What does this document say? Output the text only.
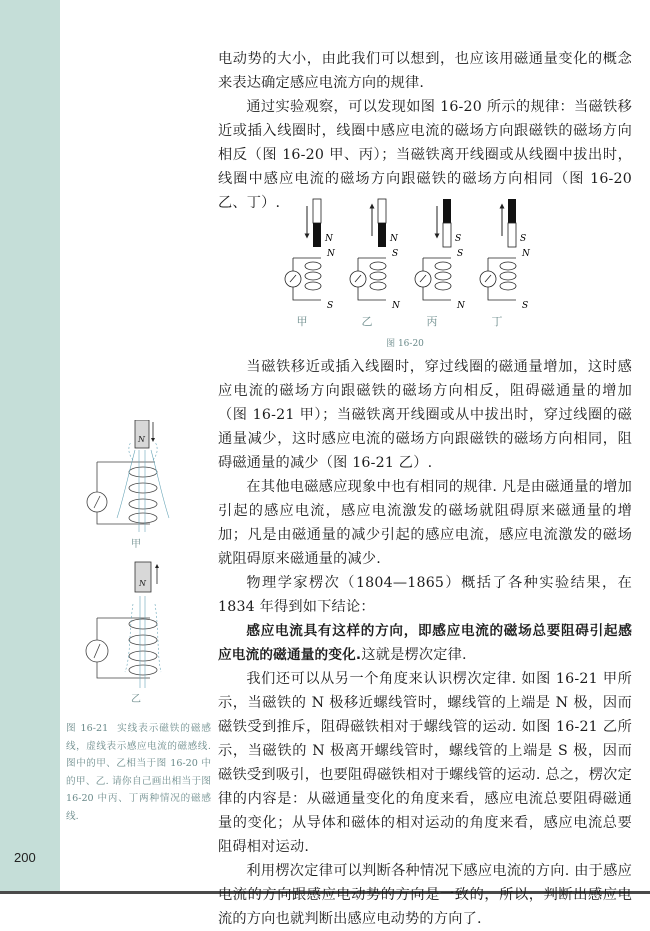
200

电动势的大小，由此我们可以想到，也应该用磁通量变化的概念来表达确定感应电流方向的规律.

通过实验观察，可以发现如图 16-20 所示的规律：当磁铁移近或插入线圈时，线圈中感应电流的磁场方向跟磁铁的磁场方向相反（图 16-20 甲、丙）；当磁铁离开线圈或从线圈中拔出时，线圈中感应电流的磁场方向跟磁铁的磁场方向相同（图 16-20 乙、丁）.

N
N
S
N
S
N
S
S
N
S
N
S
甲	乙	丙	丁
图 16-20

当磁铁移近或插入线圈时，穿过线圈的磁通量增加，这时感应电流的磁场方向跟磁铁的磁场方向相反，阻碍磁通量的增加（图 16-21 甲）；当磁铁离开线圈或从中拔出时，穿过线圈的磁通量减少，这时感应电流的磁场方向跟磁铁的磁场方向相同，阻碍磁通量的减少（图 16-21 乙）.

在其他电磁感应现象中也有相同的规律. 凡是由磁通量的增加引起的感应电流，感应电流激发的磁场就阻碍原来磁通量的增加；凡是由磁通量的减少引起的感应电流，感应电流激发的磁场就阻碍原来磁通量的减少.

物理学家楞次（1804—1865）概括了各种实验结果，在 1834 年得到如下结论：

感应电流具有这样的方向，即感应电流的磁场总要阻碍引起感应电流的磁通量的变化.这就是楞次定律.

我们还可以从另一个角度来认识楞次定律. 如图 16-21 甲所示，当磁铁的 N 极移近螺线管时，螺线管的上端是 N 极，因而磁铁受到推斥，阻碍磁铁相对于螺线管的运动. 如图 16-21 乙所示，当磁铁的 N 极离开螺线管时，螺线管的上端是 S 极，因而磁铁受到吸引，也要阻碍磁铁相对于螺线管的运动. 总之，楞次定律的内容是：从磁通量变化的角度来看，感应电流总要阻碍磁通量的变化；从导体和磁体的相对运动的角度来看，感应电流总要阻碍相对运动.

利用楞次定律可以判断各种情况下感应电流的方向. 由于感应电流的方向跟感应电动势的方向是一致的，所以，判断出感应电流的方向也就判断出感应电动势的方向了.

N
甲
N
乙
图 16-21 实线表示磁铁的磁感线，虚线表示感应电流的磁感线. 图中的甲、乙相当于图 16-20 中的甲、乙. 请你自己画出相当于图 16-20 中丙、丁两种情况的磁感线.
